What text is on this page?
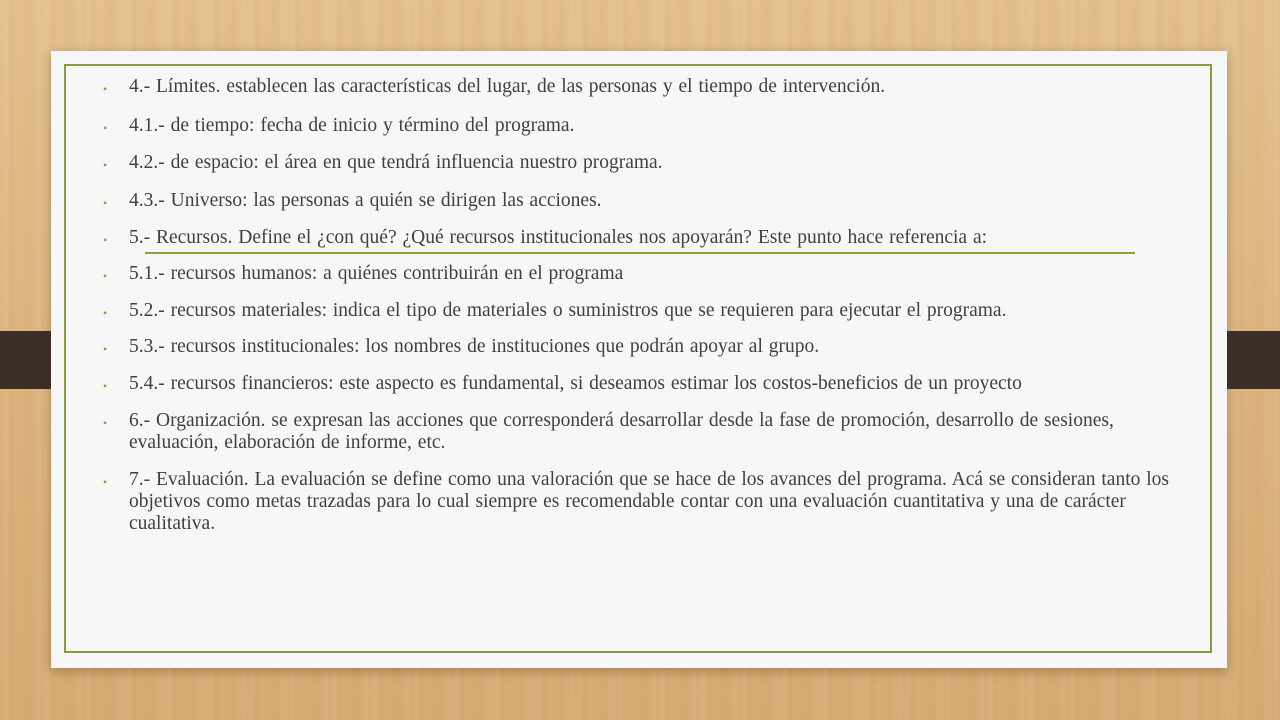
• 4.- Límites. establecen las características del lugar, de las personas y el tiempo de intervención.
• 4.1.- de tiempo: fecha de inicio y término del programa.
• 4.2.- de espacio: el área en que tendrá influencia nuestro programa.
• 4.3.- Universo: las personas a quién se dirigen las acciones.
• 5.- Recursos. Define el ¿con qué? ¿Qué recursos institucionales nos apoyarán? Este punto hace referencia a:
• 5.1.- recursos humanos: a quiénes contribuirán en el programa
• 5.2.- recursos materiales: indica el tipo de materiales o suministros que se requieren para ejecutar el programa.
• 5.3.- recursos institucionales: los nombres de instituciones que podrán apoyar al grupo.
• 5.4.- recursos financieros: este aspecto es fundamental, si deseamos estimar los costos-beneficios de un proyecto
• 6.- Organización. se expresan las acciones que corresponderá desarrollar desde la fase de promoción, desarrollo de sesiones, evaluación, elaboración de informe, etc.
• 7.- Evaluación. La evaluación se define como una valoración que se hace de los avances del programa. Acá se consideran tanto los objetivos como metas trazadas para lo cual siempre es recomendable contar con una evaluación cuantitativa y una de carácter cualitativa.
